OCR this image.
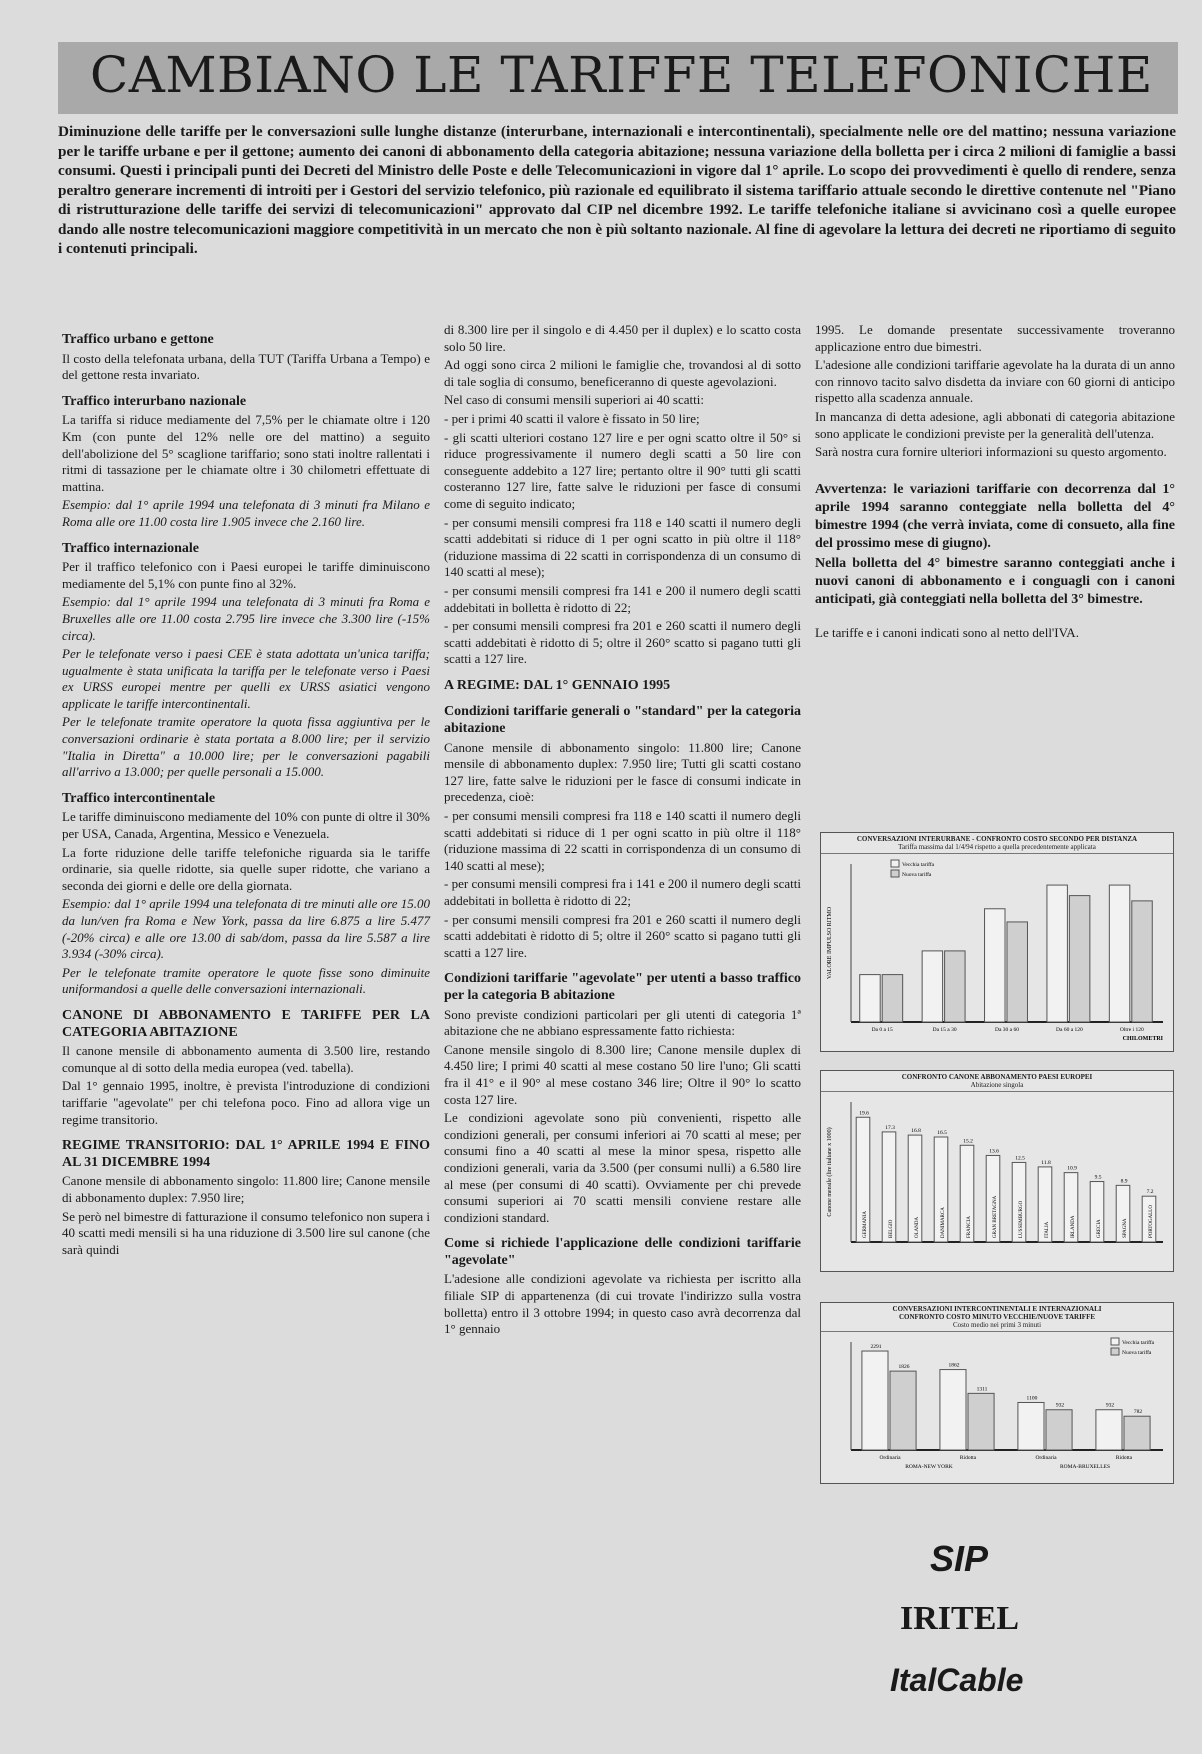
CAMBIANO LE TARIFFE TELEFONICHE
Diminuzione delle tariffe per le conversazioni sulle lunghe distanze (interurbane, internazionali e intercontinentali), specialmente nelle ore del mattino; nessuna variazione per le tariffe urbane e per il gettone; aumento dei canoni di abbonamento della categoria abitazione; nessuna variazione della bolletta per i circa 2 milioni di famiglie a bassi consumi. Questi i principali punti dei Decreti del Ministro delle Poste e delle Telecomunicazioni in vigore dal 1° aprile. Lo scopo dei provvedimenti è quello di rendere, senza peraltro generare incrementi di introiti per i Gestori del servizio telefonico, più razionale ed equilibrato il sistema tariffario attuale secondo le direttive contenute nel "Piano di ristrutturazione delle tariffe dei servizi di telecomunicazioni" approvato dal CIP nel dicembre 1992. Le tariffe telefoniche italiane si avvicinano così a quelle europee dando alle nostre telecomunicazioni maggiore competitività in un mercato che non è più soltanto nazionale. Al fine di agevolare la lettura dei decreti ne riportiamo di seguito i contenuti principali.
Traffico urbano e gettone

Il costo della telefonata urbana, della TUT (Tariffa Urbana a Tempo) e del gettone resta invariato.

Traffico interurbano nazionale

La tariffa si riduce mediamente del 7,5% per le chiamate oltre i 120 Km (con punte del 12% nelle ore del mattino) a seguito dell'abolizione del 5° scaglione tariffario; sono stati inoltre rallentati i ritmi di tassazione per le chiamate oltre i 30 chilometri effettuate di mattina.

Esempio: dal 1° aprile 1994 una telefonata di 3 minuti fra Milano e Roma alle ore 11.00 costa lire 1.905 invece che 2.160 lire.

Traffico internazionale

Per il traffico telefonico con i Paesi europei le tariffe diminuiscono mediamente del 5,1% con punte fino al 32%.

Esempio: dal 1° aprile 1994 una telefonata di 3 minuti fra Roma e Bruxelles alle ore 11.00 costa 2.795 lire invece che 3.300 lire (-15% circa).

Per le telefonate verso i paesi CEE è stata adottata un'unica tariffa; ugualmente è stata unificata la tariffa per le telefonate verso i Paesi ex URSS europei mentre per quelli ex URSS asiatici vengono applicate le tariffe intercontinentali.

Per le telefonate tramite operatore la quota fissa aggiuntiva per le conversazioni ordinarie è stata portata a 8.000 lire; per il servizio "Italia in Diretta" a 10.000 lire; per le conversazioni pagabili all'arrivo a 13.000; per quelle personali a 15.000.

Traffico intercontinentale

Le tariffe diminuiscono mediamente del 10% con punte di oltre il 30% per USA, Canada, Argentina, Messico e Venezuela.

La forte riduzione delle tariffe telefoniche riguarda sia le tariffe ordinarie, sia quelle ridotte, sia quelle super ridotte, che variano a seconda dei giorni e delle ore della giornata.

Esempio: dal 1° aprile 1994 una telefonata di tre minuti alle ore 15.00 da lun/ven fra Roma e New York, passa da lire 6.875 a lire 5.477 (-20% circa) e alle ore 13.00 di sab/dom, passa da lire 5.587 a lire 3.934 (-30% circa).

Per le telefonate tramite operatore le quote fisse sono diminuite uniformandosi a quelle delle conversazioni internazionali.

CANONE DI ABBONAMENTO E TARIFFE PER LA CATEGORIA ABITAZIONE

Il canone mensile di abbonamento aumenta di 3.500 lire, restando comunque al di sotto della media europea (ved. tabella).

Dal 1° gennaio 1995, inoltre, è prevista l'introduzione di condizioni tariffarie "agevolate" per chi telefona poco. Fino ad allora vige un regime transitorio.

REGIME TRANSITORIO: DAL 1° APRILE 1994 E FINO AL 31 DICEMBRE 1994

Canone mensile di abbonamento singolo: 11.800 lire; Canone mensile di abbonamento duplex: 7.950 lire;

Se però nel bimestre di fatturazione il consumo telefonico non supera i 40 scatti medi mensili si ha una riduzione di 3.500 lire sul canone (che sarà quindi

di 8.300 lire per il singolo e di 4.450 per il duplex) e lo scatto costa solo 50 lire.

Ad oggi sono circa 2 milioni le famiglie che, trovandosi al di sotto di tale soglia di consumo, beneficeranno di queste agevolazioni.

Nel caso di consumi mensili superiori ai 40 scatti:

- per i primi 40 scatti il valore è fissato in 50 lire;

- gli scatti ulteriori costano 127 lire e per ogni scatto oltre il 50° si riduce progressivamente il numero degli scatti a 50 lire con conseguente addebito a 127 lire; pertanto oltre il 90° tutti gli scatti costeranno 127 lire, fatte salve le riduzioni per fasce di consumi come di seguito indicato;

- per consumi mensili compresi fra 118 e 140 scatti il numero degli scatti addebitati si riduce di 1 per ogni scatto in più oltre il 118° (riduzione massima di 22 scatti in corrispondenza di un consumo di 140 scatti al mese);

- per consumi mensili compresi fra 141 e 200 il numero degli scatti addebitati in bolletta è ridotto di 22;

- per consumi mensili compresi fra 201 e 260 scatti il numero degli scatti addebitati è ridotto di 5; oltre il 260° scatto si pagano tutti gli scatti a 127 lire.

A REGIME: DAL 1° GENNAIO 1995
Condizioni tariffarie generali o "standard" per la categoria abitazione

Canone mensile di abbonamento singolo: 11.800 lire; Canone mensile di abbonamento duplex: 7.950 lire; Tutti gli scatti costano 127 lire, fatte salve le riduzioni per le fasce di consumi indicate in precedenza, cioè:

- per consumi mensili compresi fra 118 e 140 scatti il numero degli scatti addebitati si riduce di 1 per ogni scatto in più oltre il 118° (riduzione massima di 22 scatti in corrispondenza di un consumo di 140 scatti al mese);

- per consumi mensili compresi fra i 141 e 200 il numero degli scatti addebitati in bolletta è ridotto di 22;

- per consumi mensili compresi fra 201 e 260 scatti il numero degli scatti addebitati è ridotto di 5; oltre il 260° scatto si pagano tutti gli scatti a 127 lire.

Condizioni tariffarie "agevolate" per utenti a basso traffico per la categoria B abitazione

Sono previste condizioni particolari per gli utenti di categoria 1ª abitazione che ne abbiano espressamente fatto richiesta:

Canone mensile singolo di 8.300 lire; Canone mensile duplex di 4.450 lire; I primi 40 scatti al mese costano 50 lire l'uno; Gli scatti fra il 41° e il 90° al mese costano 346 lire; Oltre il 90° lo scatto costa 127 lire.

Le condizioni agevolate sono più convenienti, rispetto alle condizioni generali, per consumi inferiori ai 70 scatti al mese; per consumi fino a 40 scatti al mese la minor spesa, rispetto alle condizioni generali, varia da 3.500 (per consumi nulli) a 6.580 lire al mese (per consumi di 40 scatti). Ovviamente per chi prevede consumi superiori ai 70 scatti mensili conviene restare alle condizioni standard.

Come si richiede l'applicazione delle condizioni tariffarie "agevolate"

L'adesione alle condizioni agevolate va richiesta per iscritto alla filiale SIP di appartenenza (di cui trovate l'indirizzo sulla vostra bolletta) entro il 3 ottobre 1994; in questo caso avrà decorrenza dal 1° gennaio

1995. Le domande presentate successivamente troveranno applicazione entro due bimestri.

L'adesione alle condizioni tariffarie agevolate ha la durata di un anno con rinnovo tacito salvo disdetta da inviare con 60 giorni di anticipo rispetto alla scadenza annuale.

In mancanza di detta adesione, agli abbonati di categoria abitazione sono applicate le condizioni previste per la generalità dell'utenza.

Sarà nostra cura fornire ulteriori informazioni su questo argomento.

Avvertenza: le variazioni tariffarie con decorrenza dal 1° aprile 1994 saranno conteggiate nella bolletta del 4° bimestre 1994 (che verrà inviata, come di consueto, alla fine del prossimo mese di giugno).

Nella bolletta del 4° bimestre saranno conteggiati anche i nuovi canoni di abbonamento e i conguagli con i canoni anticipati, già conteggiati nella bolletta del 3° bimestre.

Le tariffe e i canoni indicati sono al netto dell'IVA.

CONVERSAZIONI INTERURBANE - CONFRONTO COSTO SECONDO PER DISTANZA
Tariffa massima dal 1/4/94 rispetto a quella precedentemente applicata
VALORE IMPULSO RITMO
Da 0 a 15	Da 15 a 30	Da 30 a 60	Da 60 a 120	Oltre i 120
Vecchia tariffa
Nuova tariffa
CHILOMETRI
CONFRONTO CANONE ABBONAMENTO PAESI EUROPEI
Abitazione singola
Canone mensile (lire italiane x 1000)
19.6
GERMANIA
17.3
BELGIO
16.8
OLANDA
16.5
DANIMARCA
15.2
FRANCIA
13.6
GRAN BRETAGNA
12.5
LUSSEMBURGO
11.8
ITALIA
10.9
IRLANDA
9.5
GRECIA
8.9
SPAGNA
7.2
PORTOGALLO
CONVERSAZIONI INTERCONTINENTALI E INTERNAZIONALI
CONFRONTO COSTO MINUTO VECCHIE/NUOVE TARIFFE
Costo medio nei primi 3 minuti
2291
1826
Ordinaria
1862
1311
Ridotta
1100
932
Ordinaria
932
782
Ridotta
Vecchia tariffa
Nuova tariffa
ROMA-NEW YORK	ROMA-BRUXELLES
SIP
IRITEL
ItalCable
